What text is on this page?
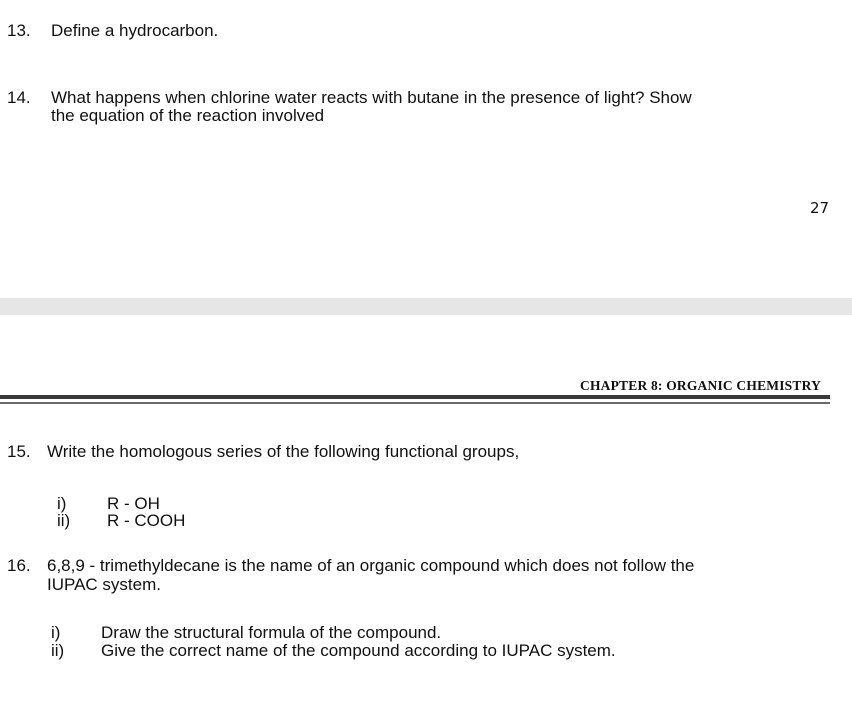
13. Define a hydrocarbon.
14. What happens when chlorine water reacts with butane in the presence of light? Show
the equation of the reaction involved
27
CHAPTER 8: ORGANIC CHEMISTRY
15. Write the homologous series of the following functional groups,
i) R - OH
ii) R - COOH
16. 6,8,9 - trimethyldecane is the name of an organic compound which does not follow the
IUPAC system.
i) Draw the structural formula of the compound.
ii) Give the correct name of the compound according to IUPAC system.
